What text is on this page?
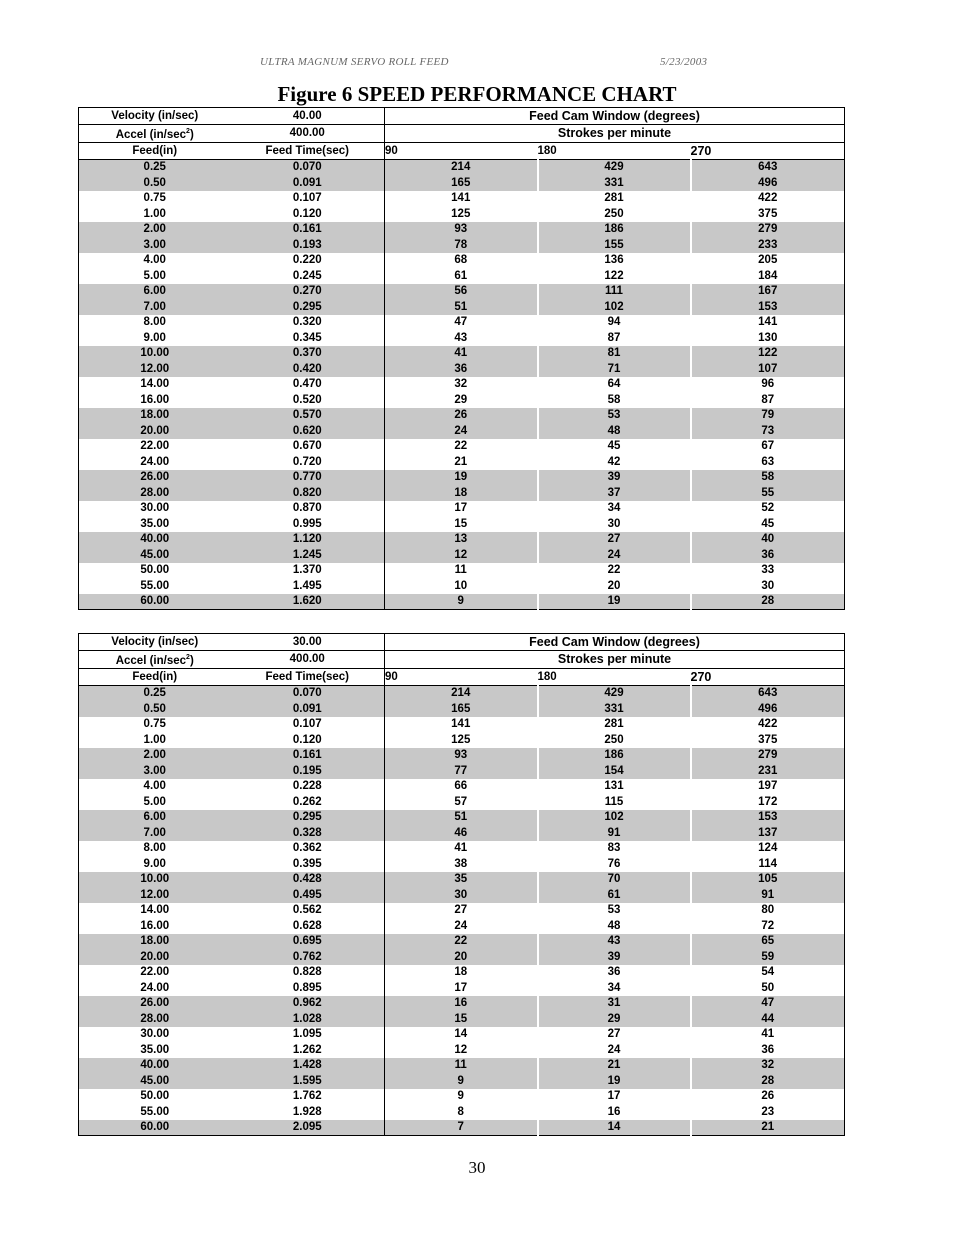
ULTRA MAGNUM SERVO ROLL FEED	5/23/2003
Figure 6 SPEED PERFORMANCE CHART
Velocity (in/sec)	40.00	Feed Cam Window (degrees)		
Accel $(in/\sec^2)$	400.00	Strokes per minute		
Feed(in)	Feed Time(sec)	90	180	270
0.25	0.070	214	429	643
0.50	0.091	165	331	496
0.75	0.107	141	281	422
1.00	0.120	125	250	375
2.00	0.161	93	186	279
3.00	0.193	78	155	233
4.00	0.220	68	136	205
5.00	0.245	61	122	184
6.00	0.270	56	111	167
7.00	0.295	51	102	153
8.00	0.320	47	94	141
9.00	0.345	43	87	130
10.00	0.370	41	81	122
12.00	0.420	36	71	107
14.00	0.470	32	64	96
16.00	0.520	29	58	87
18.00	0.570	26	53	79
20.00	0.620	24	48	73
22.00	0.670	22	45	67
24.00	0.720	21	42	63
26.00	0.770	19	39	58
28.00	0.820	18	37	55
30.00	0.870	17	34	52
35.00	0.995	15	30	45
40.00	1.120	13	27	40
45.00	1.245	12	24	36
50.00	1.370	11	22	33
55.00	1.495	10	20	30
60.00	1.620	9	19	28
Velocity (in/sec)	30.00	Feed Cam Window (degrees)		
Accel $(in/\sec^2)$	400.00	Strokes per minute		
Feed(in)	Feed Time(sec)	90	180	270
0.25	0.070	214	429	643
0.50	0.091	165	331	496
0.75	0.107	141	281	422
1.00	0.120	125	250	375
2.00	0.161	93	186	279
3.00	0.195	77	154	231
4.00	0.228	66	131	197
5.00	0.262	57	115	172
6.00	0.295	51	102	153
7.00	0.328	46	91	137
8.00	0.362	41	83	124
9.00	0.395	38	76	114
10.00	0.428	35	70	105
12.00	0.495	30	61	91
14.00	0.562	27	53	80
16.00	0.628	24	48	72
18.00	0.695	22	43	65
20.00	0.762	20	39	59
22.00	0.828	18	36	54
24.00	0.895	17	34	50
26.00	0.962	16	31	47
28.00	1.028	15	29	44
30.00	1.095	14	27	41
35.00	1.262	12	24	36
40.00	1.428	11	21	32
45.00	1.595	9	19	28
50.00	1.762	9	17	26
55.00	1.928	8	16	23
60.00	2.095	7	14	21
30
